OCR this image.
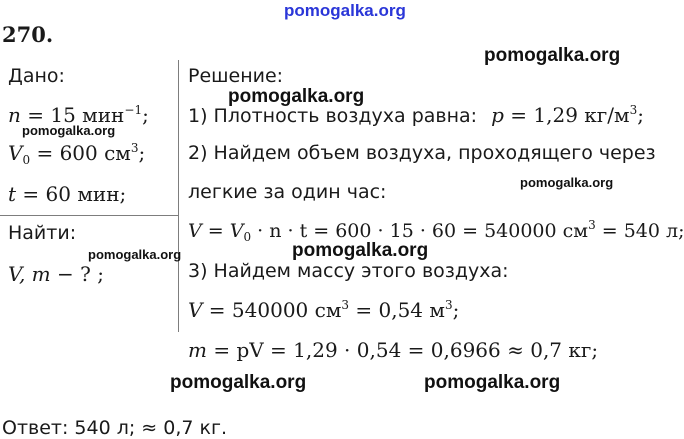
pomogalka.org
270.
Дано:
n = 15 мин$^{-1}$;
$V_0 = 600$ $см^3$;
t = 60 мин;
Найти:
V, m − ? ;
Решение:
1) Плотность воздуха равна: p = 1,29 $кг/м^3$;
2) Найдем объем воздуха, проходящего через
легкие за один час:
$V = V_0 \cdot n \cdot t = 600 \cdot 15 \cdot 60 = 540000$ $см^3 = 540$ л;
3) Найдем массу этого воздуха:
V = 540000 $см^3 = 0,54$ $м^3$;
m = pV = 1,29 · 0,54 = 0,6966 ≈ 0,7 кг;
Ответ: 540 л; ≈ 0,7 кг.
pomogalka.org
pomogalka.org
pomogalka.org
pomogalka.org
pomogalka.org
pomogalka.org
pomogalka.org	pomogalka.org
